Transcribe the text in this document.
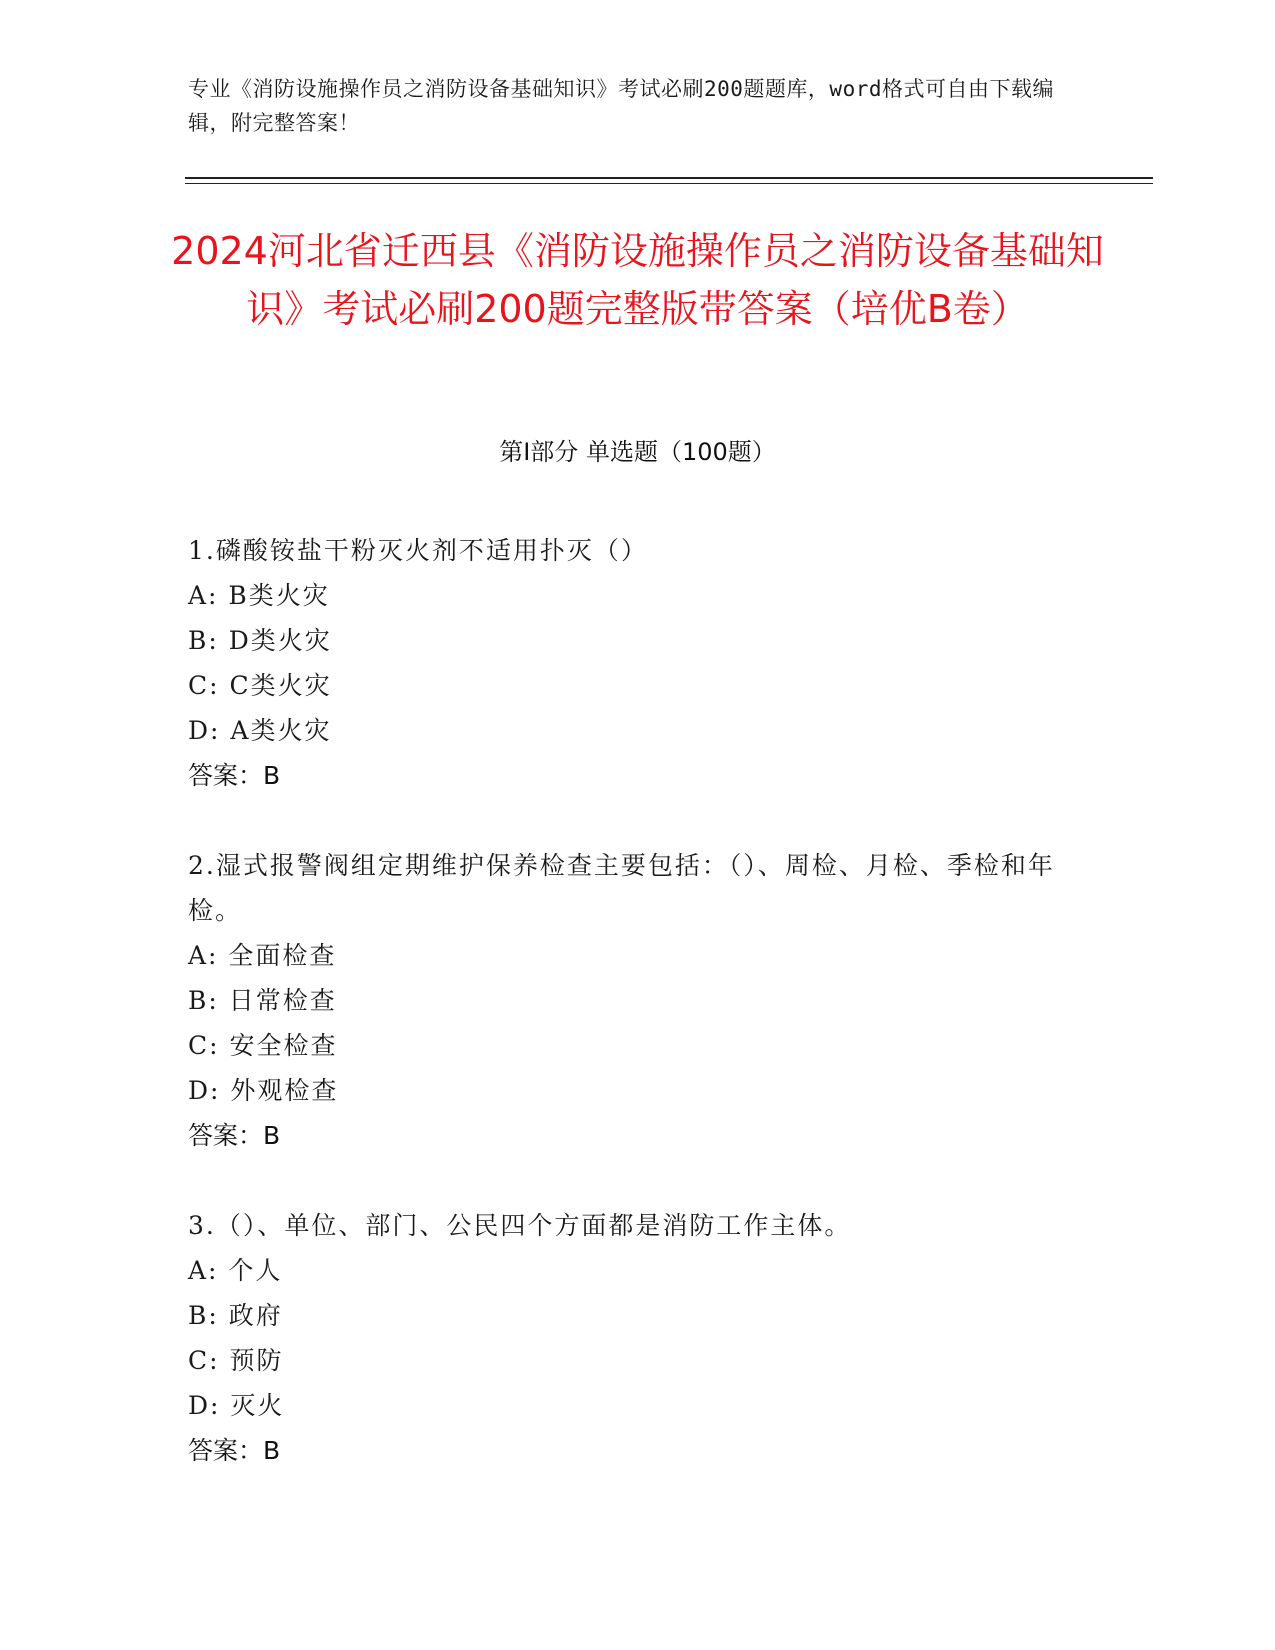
专业《消防设施操作员之消防设备基础知识》考试必刷200题题库，word格式可自由下载编辑，附完整答案！
2024河北省迁西县《消防设施操作员之消防设备基础知识》考试必刷200题完整版带答案（培优B卷）
第Ⅰ部分 单选题（100题）
1.磷酸铵盐干粉灭火剂不适用扑灭（）
A: B类火灾
B: D类火灾
C: C类火灾
D: A类火灾
答案：B
2.湿式报警阀组定期维护保养检查主要包括：（）、周检、月检、季检和年检。
A: 全面检查
B: 日常检查
C: 安全检查
D: 外观检查
答案：B
3.（）、单位、部门、公民四个方面都是消防工作主体。
A: 个人
B: 政府
C: 预防
D: 灭火
答案：B
